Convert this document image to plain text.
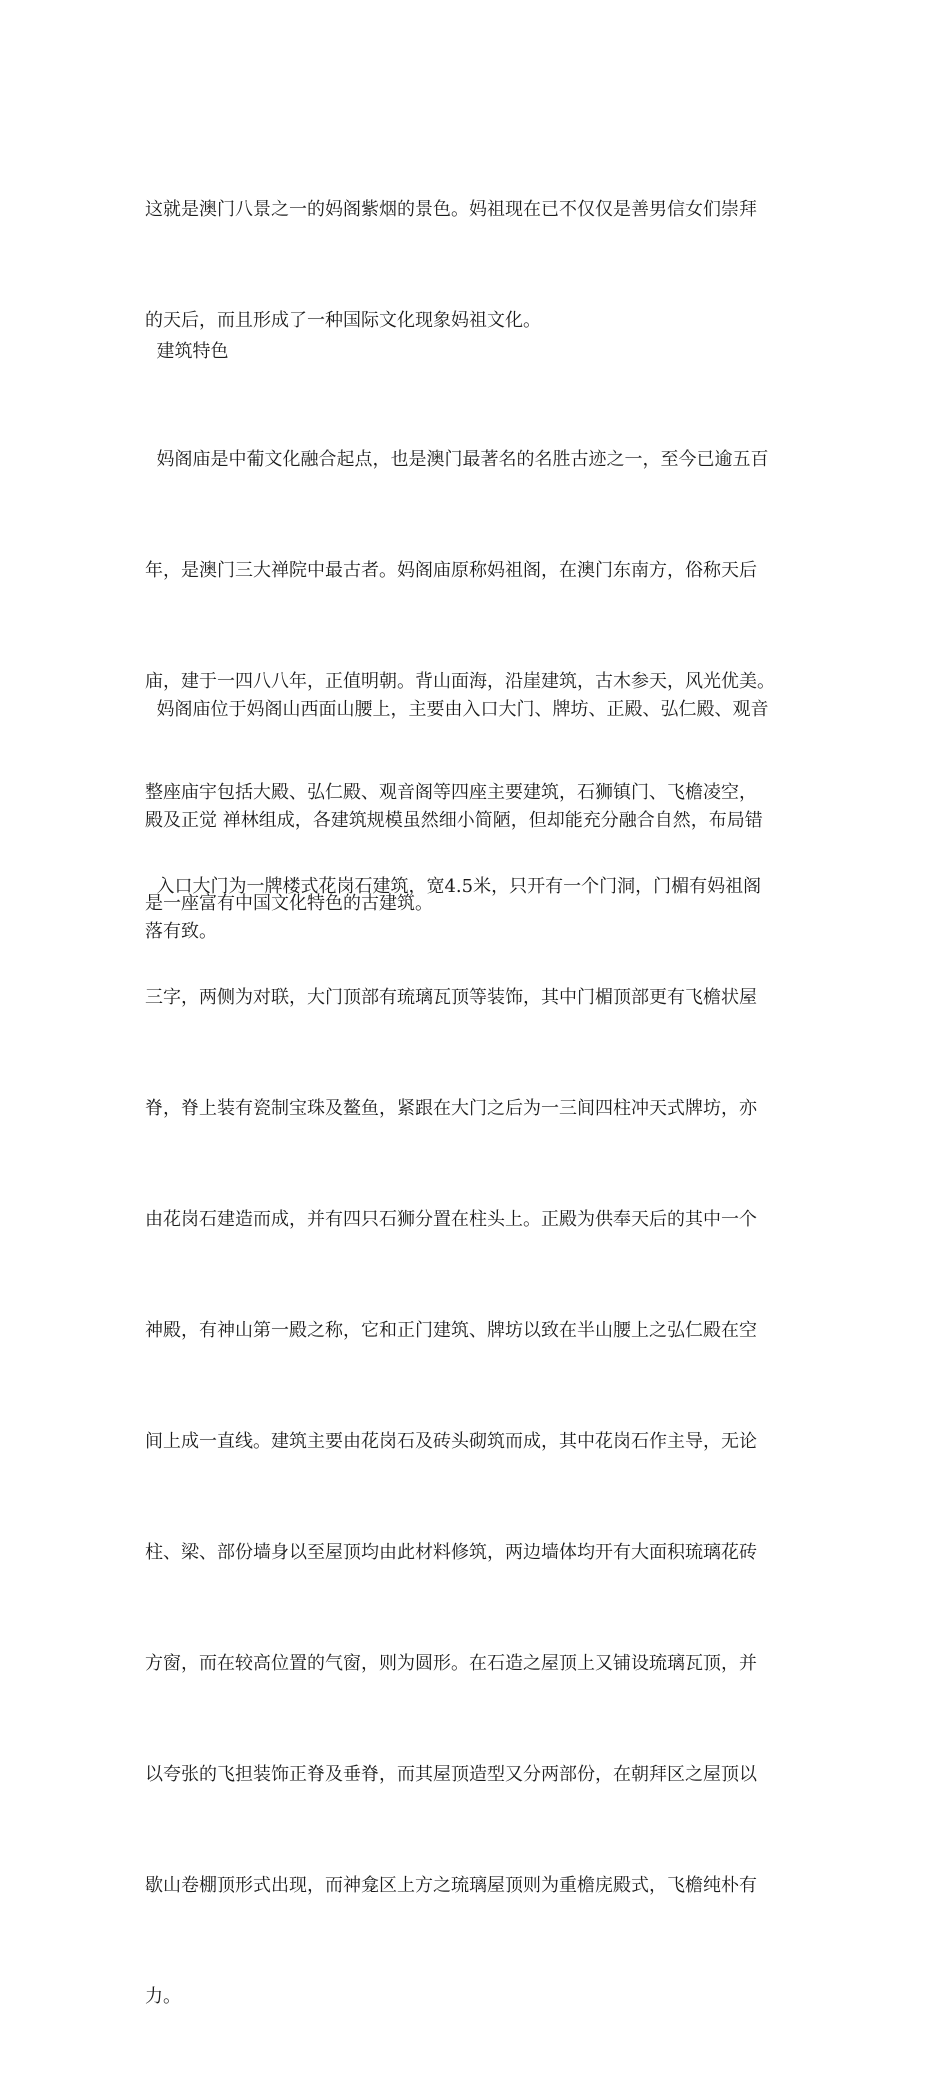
这就是澳门八景之一的妈阁紫烟的景色。妈祖现在已不仅仅是善男信女们崇拜

的天后，而且形成了一种国际文化现象妈祖文化。

建筑特色

妈阁庙是中葡文化融合起点，也是澳门最著名的名胜古迹之一，至今已逾五百

年，是澳门三大禅院中最古者。妈阁庙原称妈祖阁，在澳门东南方，俗称天后

庙，建于一四八八年，正值明朝。背山面海，沿崖建筑，古木参天，风光优美。

整座庙宇包括大殿、弘仁殿、观音阁等四座主要建筑，石狮镇门、飞檐凌空，

是一座富有中国文化特色的古建筑。

妈阁庙位于妈阁山西面山腰上，主要由入口大门、牌坊、正殿、弘仁殿、观音

殿及正觉 禅林组成，各建筑规模虽然细小简陋，但却能充分融合自然，布局错

落有致。

入口大门为一牌楼式花岗石建筑，宽4.5米，只开有一个门洞，门楣有妈祖阁

三字，两侧为对联，大门顶部有琉璃瓦顶等装饰，其中门楣顶部更有飞檐状屋

脊，脊上装有瓷制宝珠及鳌鱼，紧跟在大门之后为一三间四柱冲天式牌坊，亦

由花岗石建造而成，并有四只石狮分置在柱头上。正殿为供奉天后的其中一个

神殿，有神山第一殿之称，它和正门建筑、牌坊以致在半山腰上之弘仁殿在空

间上成一直线。建筑主要由花岗石及砖头砌筑而成，其中花岗石作主导，无论

柱、梁、部份墙身以至屋顶均由此材料修筑，两边墙体均开有大面积琉璃花砖

方窗，而在较高位置的气窗，则为圆形。在石造之屋顶上又铺设琉璃瓦顶，并

以夸张的飞担装饰正脊及垂脊，而其屋顶造型又分两部份，在朝拜区之屋顶以

歇山卷棚顶形式出现，而神龛区上方之琉璃屋顶则为重檐庑殿式，飞檐纯朴有

力。
